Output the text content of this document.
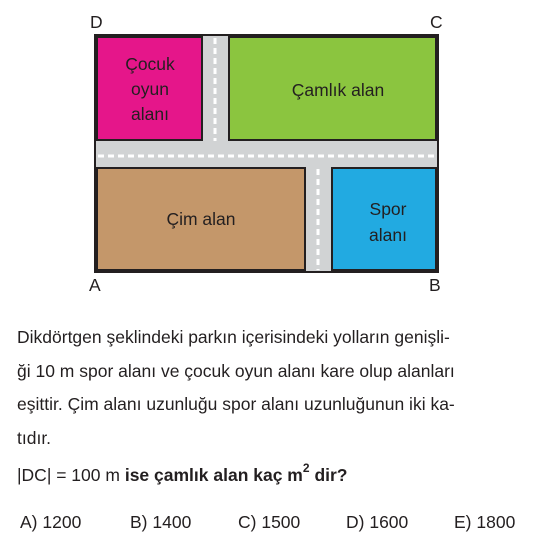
Çocuk
oyun
alanı
Çamlık alan
Çim alan	Spor
alanı
D	C
A	B

Dikdörtgen şeklindeki parkın içerisindeki yolların genişli-

ği 10 m spor alanı ve çocuk oyun alanı kare olup alanları

eşittir. Çim alanı uzunluğu spor alanı uzunluğunun iki ka-

tıdır.

|DC| = 100 m ise çamlık alan kaç $m^2$ dir?
A) 1200	B) 1400	C) 1500	D) 1600	E) 1800
